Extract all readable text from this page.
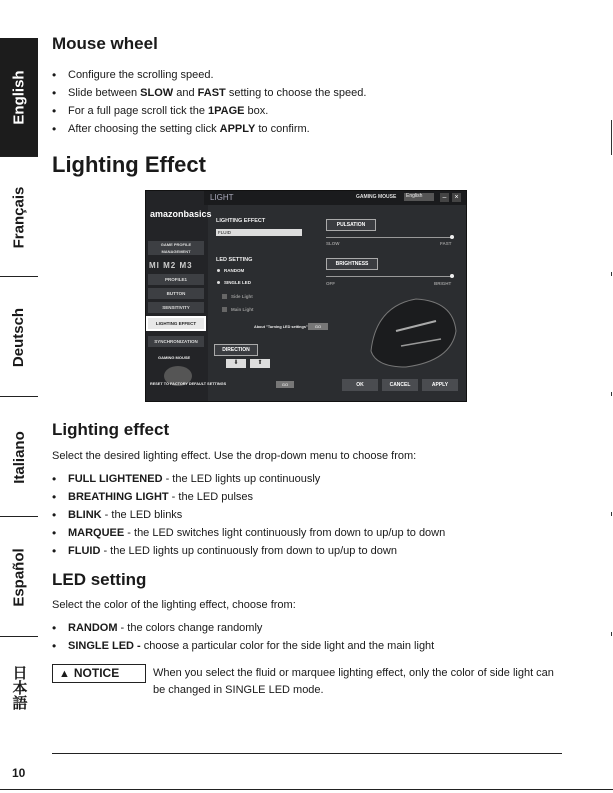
English
Français
Deutsch
Italiano
Español
日本語
Mouse wheel
• Configure the scrolling speed.
• Slide between SLOW and FAST setting to choose the speed.
• For a full page scroll tick the 1PAGE box.
• After choosing the setting click APPLY to confirm.
Lighting Effect
Lighting effect

Select the desired lighting effect. Use the drop-down menu to choose from:

• FULL LIGHTENED - the LED lights up continuously
• BREATHING LIGHT - the LED pulses
• BLINK - the LED blinks
• MARQUEE - the LED switches light continuously from down to up/up to down
• FLUID - the LED lights up continuously from down to up/up to down
LED setting

Select the color of the lighting effect, choose from:

• RANDOM - the colors change randomly
• SINGLE LED - choose a particular color for the side light and the main light
amazonbasics
GAME PROFILE MANAGEMENT
MI M2 M3
PROFILE1
BUTTON
SENSITIVITY
LIGHTING EFFECT
SYNCHRONIZATION
GAMING MOUSE
LIGHT	GAMING MOUSE	English	–	×
LIGHTING EFFECT
FLUID
PULSATION
SLOW	FAST
LED SETTING
RANDOM
SINGLE LED
Side Light
Main Light
BRIGHTNESS
OFF	BRIGHT
About "Turning LED settings"	GO
DIRECTION
⬇	⬆
RESET TO FACTORY DEFAULT SETTINGS	GO	OK	CANCEL	APPLY
▲ NOTICE	When you select the fluid or marquee lighting effect, only the color of side light can be changed in SINGLE LED mode.
10
